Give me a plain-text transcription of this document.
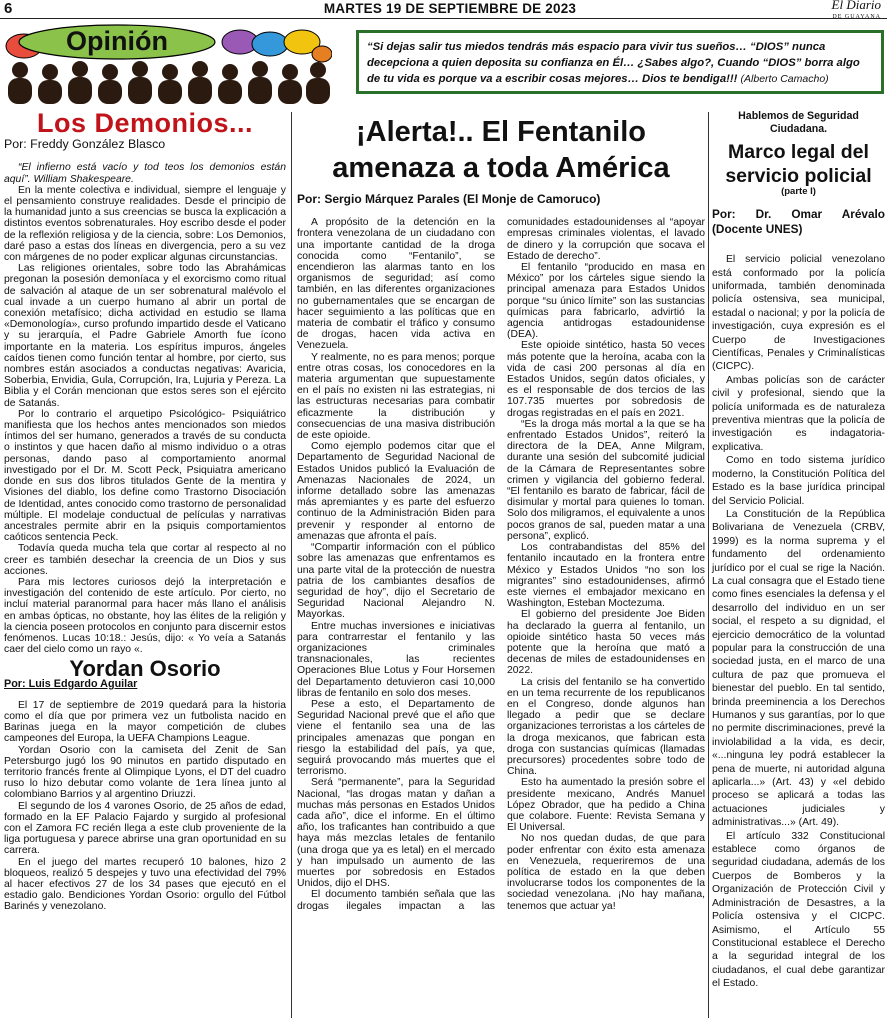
6	MARTES 19 DE SEPTIEMBRE DE 2023	El Diario
DE GUAYANA
Opinión	“Si dejas salir tus miedos tendrás más espacio para vivir tus sueños… “DIOS” nunca decepciona a quien deposita su confianza en Él… ¿Sabes algo?, Cuando “DIOS” borra algo de tu vida es porque va a escribir cosas mejores… Dios te bendiga!!! (Alberto Camacho)
Los Demonios...
Por: Freddy González Blasco

“El infierno está vacío y tod teos los demonios están aquí”. William Shakespeare.

En la mente colectiva e individual, siempre el lenguaje y el pensamiento construye realidades. Desde el principio de la humanidad junto a sus creencias se busca la explicación a distintos eventos sobrenaturales. Hoy escribo desde el poder de la reflexión religiosa y de la ciencia, sobre: Los Demonios, daré paso a estas dos líneas en divergencia, pero a su vez con márgenes de no poder explicar algunas circunstancias.

Las religiones orientales, sobre todo las Abrahámicas pregonan la posesión demoníaca y el exorcismo como ritual de salvación al ataque de un ser sobrenatural malévolo el cual invade a un cuerpo humano al abrir un portal de conexión metafísico; dicha actividad en estudio se llama «Demonología», curso profundo impartido desde el Vaticano y su jerarquía, el Padre Gabriele Amorth fue ícono importante en la materia. Los espíritus impuros, ángeles caídos tienen como función tentar al hombre, por cierto, sus nombres están asociados a conductas negativas: Avaricia, Soberbia, Envidia, Gula, Corrupción, Ira, Lujuria y Pereza. La Biblia y el Corán mencionan que estos seres son el ejército de Satanás.

Por lo contrario el arquetipo Psicológico- Psiquiátrico manifiesta que los hechos antes mencionados son miedos íntimos del ser humano, generados a través de su conducta o instintos y que hacen daño al mismo individuo o a otras personas, dando paso al comportamiento anormal investigado por el Dr. M. Scott Peck, Psiquiatra americano donde en sus dos libros titulados Gente de la mentira y Visiones del diablo, los define como Trastorno Disociación de Identidad, antes conocido como trastorno de personalidad múltiple. El modelaje conductual de películas y narrativas ancestrales permite abrir en la psiquis comportamientos caóticos sentencia Peck.

Todavía queda mucha tela que cortar al respecto al no creer es también desechar la creencia de un Dios y sus acciones.

Para mis lectores curiosos dejó la interpretación e investigación del contenido de este artículo. Por cierto, no incluí material paranormal para hacer más llano el análisis en ambas ópticas, no obstante, hoy las élites de la religión y la ciencia poseen protocolos en conjunto para discernir estos fenómenos. Lucas 10:18.: Jesús, dijo: « Yo veía a Satanás caer del cielo como un rayo «.

Yordan Osorio
Por: Luis Edgardo Aguilar

El 17 de septiembre de 2019 quedará para la historia como el día que por primera vez un futbolista nacido en Barinas juega en la mayor competición de clubes campeones del Europa, la UEFA Champions League.

Yordan Osorio con la camiseta del Zenit de San Petersburgo jugó los 90 minutos en partido disputado en territorio francés frente al Olimpique Lyons, el DT del cuadro ruso lo hizo debutar como volante de 1era línea junto al colombiano Barrios y al argentino Driuzzi.

El segundo de los 4 varones Osorio, de 25 años de edad, formado en la EF Palacio Fajardo y surgido al profesional con el Zamora FC recién llega a este club proveniente de la liga portuguesa y parece abrirse una gran oportunidad en su carrera.

En el juego del martes recuperó 10 balones, hizo 2 bloqueos, realizó 5 despejes y tuvo una efectividad del 79% al hacer efectivos 27 de los 34 pases que ejecutó en el estadio galo. Bendiciones Yordan Osorio: orgullo del Fútbol Barinés y venezolano.

¡Alerta!.. El Fentanilo amenaza a toda América
Por: Sergio Márquez Parales (El Monje de Camoruco)

A propósito de la detención en la frontera venezolana de un ciudadano con una importante cantidad de la droga conocida como “Fentanilo”, se encendieron las alarmas tanto en los organismos de seguridad; así como también, en las diferentes organizaciones no gubernamentales que se encargan de hacer seguimiento a las políticas que en materia de combatir el tráfico y consumo de drogas, hacen vida activa en Venezuela.

Y realmente, no es para menos; porque entre otras cosas, los conocedores en la materia argumentan que supuestamente en el país no existen ni las estrategias, ni las estructuras necesarias para combatir eficazmente la distribución y consecuencias de una masiva distribución de este opioide.

Como ejemplo podemos citar que el Departamento de Seguridad Nacional de Estados Unidos publicó la Evaluación de Amenazas Nacionales de 2024, un informe detallado sobre las amenazas más apremiantes y es parte del esfuerzo continuo de la Administración Biden para prevenir y responder al entorno de amenazas que afronta el país.

“Compartir información con el público sobre las amenazas que enfrentamos es una parte vital de la protección de nuestra patria de los cambiantes desafíos de seguridad de hoy”, dijo el Secretario de Seguridad Nacional Alejandro N. Mayorkas.

Entre muchas inversiones e iniciativas para contrarrestar el fentanilo y las organizaciones criminales transnacionales, las recientes Operaciones Blue Lotus y Four Horsemen del Departamento detuvieron casi 10,000 libras de fentanilo en solo dos meses.

Pese a esto, el Departamento de Seguridad Nacional prevé que el año que viene el fentanilo sea una de las principales amenazas que pongan en riesgo la estabilidad del país, ya que, seguirá provocando más muertes que el terrorismo.

Será “permanente”, para la Seguridad Nacional, “las drogas matan y dañan a muchas más personas en Estados Unidos cada año”, dice el informe. En el último año, los traficantes han contribuido a que haya más mezclas letales de fentanilo (una droga que ya es letal) en el mercado y han impulsado un aumento de las muertes por sobredosis en Estados Unidos, dijo el DHS.

El documento también señala que las drogas ilegales impactan a las comunidades estadounidenses al “apoyar empresas criminales violentas, el lavado de dinero y la corrupción que socava el Estado de derecho”.

El fentanilo “producido en masa en México” por los cárteles sigue siendo la principal amenaza para Estados Unidos porque “su único límite” son las sustancias químicas para fabricarlo, advirtió la agencia antidrogas estadounidense (DEA).

Este opioide sintético, hasta 50 veces más potente que la heroína, acaba con la vida de casi 200 personas al día en Estados Unidos, según datos oficiales, y es el responsable de dos tercios de las 107.735 muertes por sobredosis de drogas registradas en el país en 2021.

“Es la droga más mortal a la que se ha enfrentado Estados Unidos”, reiteró la directora de la DEA, Anne Milgram, durante una sesión del subcomité judicial de la Cámara de Representantes sobre crimen y vigilancia del gobierno federal. “El fentanilo es barato de fabricar, fácil de disimular y mortal para quienes lo toman. Solo dos miligramos, el equivalente a unos pocos granos de sal, pueden matar a una persona”, explicó.

Los contrabandistas del 85% del fentanilo incautado en la frontera entre México y Estados Unidos “no son los migrantes” sino estadounidenses, afirmó este viernes el embajador mexicano en Washington, Esteban Moctezuma.

El gobierno del presidente Joe Biden ha declarado la guerra al fentanilo, un opioide sintético hasta 50 veces más potente que la heroína que mató a decenas de miles de estadounidenses en 2022.

La crisis del fentanilo se ha convertido en un tema recurrente de los republicanos en el Congreso, donde algunos han llegado a pedir que se declare organizaciones terroristas a los cárteles de la droga mexicanos, que fabrican esta droga con sustancias químicas (llamadas precursores) procedentes sobre todo de China.

Esto ha aumentado la presión sobre el presidente mexicano, Andrés Manuel López Obrador, que ha pedido a China que colabore. Fuente: Revista Semana y El Universal.

No nos quedan dudas, de que para poder enfrentar con éxito esta amenaza en Venezuela, requeriremos de una política de estado en la que deben involucrarse todos los componentes de la sociedad venezolana. ¡No hay mañana, tenemos que actuar ya!

Hablemos de Seguridad Ciudadana.
Marco legal del servicio policial
(parte I)
Por: Dr. Omar Arévalo (Docente UNES)

El servicio policial venezolano está conformado por la policía uniformada, también denominada policía ostensiva, sea municipal, estadal o nacional; y por la policía de investigación, cuya expresión es el Cuerpo de Investigaciones Científicas, Penales y Criminalísticas (CICPC).

Ambas policías son de carácter civil y profesional, siendo que la policía uniformada es de naturaleza preventiva mientras que la policía de investigación es indagatoria-explicativa.

Como en todo sistema jurídico moderno, la Constitución Política del Estado es la base jurídica principal del Servicio Policial.

La Constitución de la República Bolivariana de Venezuela (CRBV, 1999) es la norma suprema y el fundamento del ordenamiento jurídico por el cual se rige la Nación. La cual consagra que el Estado tiene como fines esenciales la defensa y el desarrollo del individuo en un ser social, el respeto a su dignidad, el ejercicio democrático de la voluntad popular para la construcción de una sociedad justa, en el marco de una cultura de paz que promueva el bienestar del pueblo. En tal sentido, brinda preeminencia a los Derechos Humanos y sus garantías, por lo que no permite discriminaciones, prevé la inviolabilidad a la vida, es decir, «...ninguna ley podrá establecer la pena de muerte, ni autoridad alguna aplicarla...» (Art. 43) y «el debido proceso se aplicará a todas las actuaciones judiciales y administrativas...» (Art. 49).

El artículo 332 Constitucional establece como órganos de seguridad ciudadana, además de los Cuerpos de Bomberos y la Organización de Protección Civil y Administración de Desastres, a la Policía ostensiva y el CICPC. Asimismo, el Artículo 55 Constitucional establece el Derecho a la seguridad integral de los ciudadanos, el cual debe garantizar el Estado.
